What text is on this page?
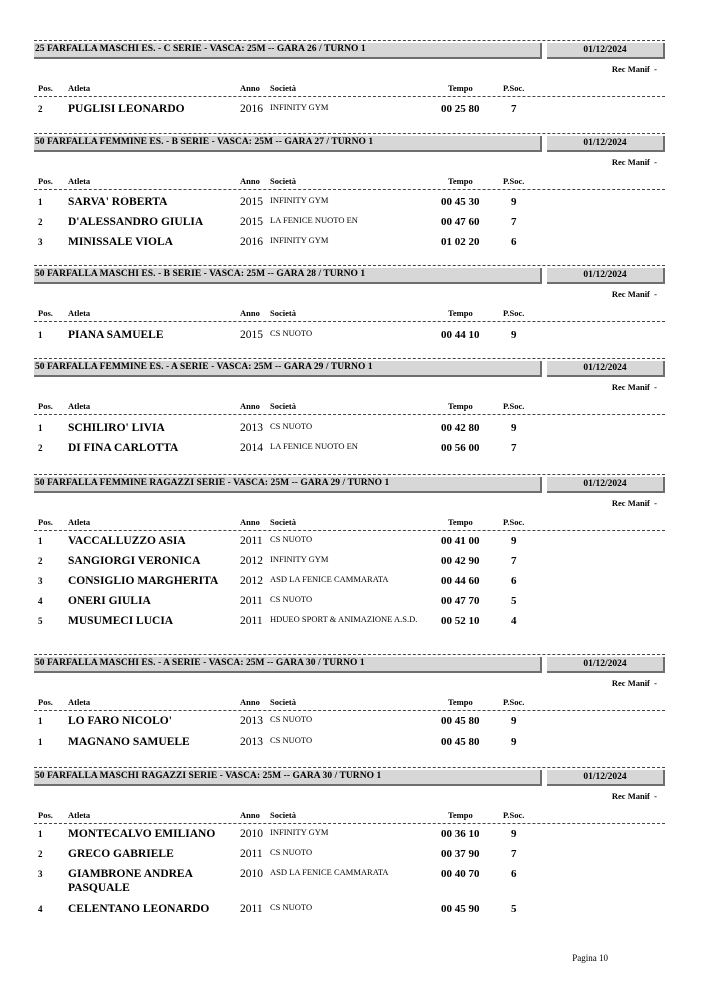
25 FARFALLA MASCHI ES. - C SERIE - VASCA: 25M -- GARA 26 / TURNO 1	01/12/2024
Rec Manif -
Pos. Atleta	Anno Società	Tempo	P.Soc.
2 PUGLISI LEONARDO	2016 INFINITY GYM	00 25 80	7
50 FARFALLA FEMMINE ES. - B SERIE - VASCA: 25M -- GARA 27 / TURNO 1	01/12/2024
Rec Manif -
Pos. Atleta	Anno Società	Tempo	P.Soc.
1 SARVA' ROBERTA	2015 INFINITY GYM	00 45 30	9
2 D'ALESSANDRO GIULIA	2015 LA FENICE NUOTO EN	00 47 60	7
3 MINISSALE VIOLA	2016 INFINITY GYM	01 02 20	6
50 FARFALLA MASCHI ES. - B SERIE - VASCA: 25M -- GARA 28 / TURNO 1	01/12/2024
Rec Manif -
Pos. Atleta	Anno Società	Tempo	P.Soc.
1 PIANA SAMUELE	2015 CS NUOTO	00 44 10	9
50 FARFALLA FEMMINE ES. - A SERIE - VASCA: 25M -- GARA 29 / TURNO 1	01/12/2024
Rec Manif -
Pos. Atleta	Anno Società	Tempo	P.Soc.
1 SCHILIRO' LIVIA	2013 CS NUOTO	00 42 80	9
2 DI FINA CARLOTTA	2014 LA FENICE NUOTO EN	00 56 00	7
50 FARFALLA FEMMINE RAGAZZI SERIE - VASCA: 25M -- GARA 29 / TURNO 1	01/12/2024
Rec Manif -
Pos. Atleta	Anno Società	Tempo	P.Soc.
1 VACCALLUZZO ASIA	2011 CS NUOTO	00 41 00	9
2 SANGIORGI VERONICA	2012 INFINITY GYM	00 42 90	7
3 CONSIGLIO MARGHERITA	2012 ASD LA FENICE CAMMARATA	00 44 60	6
4 ONERI GIULIA	2011 CS NUOTO	00 47 70	5
5 MUSUMECI LUCIA	2011 HDUEO SPORT & ANIMAZIONE A.S.D. 00 52 10	4
50 FARFALLA MASCHI ES. - A SERIE - VASCA: 25M -- GARA 30 / TURNO 1	01/12/2024
Rec Manif -
Pos. Atleta	Anno Società	Tempo	P.Soc.
1 LO FARO NICOLO'	2013 CS NUOTO	00 45 80	9
1 MAGNANO SAMUELE	2013 CS NUOTO	00 45 80	9
50 FARFALLA MASCHI RAGAZZI SERIE - VASCA: 25M -- GARA 30 / TURNO 1	01/12/2024
Rec Manif -
Pos. Atleta	Anno Società	Tempo	P.Soc.
1 MONTECALVO EMILIANO	2010 INFINITY GYM	00 36 10	9
2 GRECO GABRIELE	2011 CS NUOTO	00 37 90	7
3 GIAMBRONE ANDREA PASQUALE
2010 ASD LA FENICE CAMMARATA	00 40 70	6
4 CELENTANO LEONARDO	2011 CS NUOTO	00 45 90	5
Pagina 10
